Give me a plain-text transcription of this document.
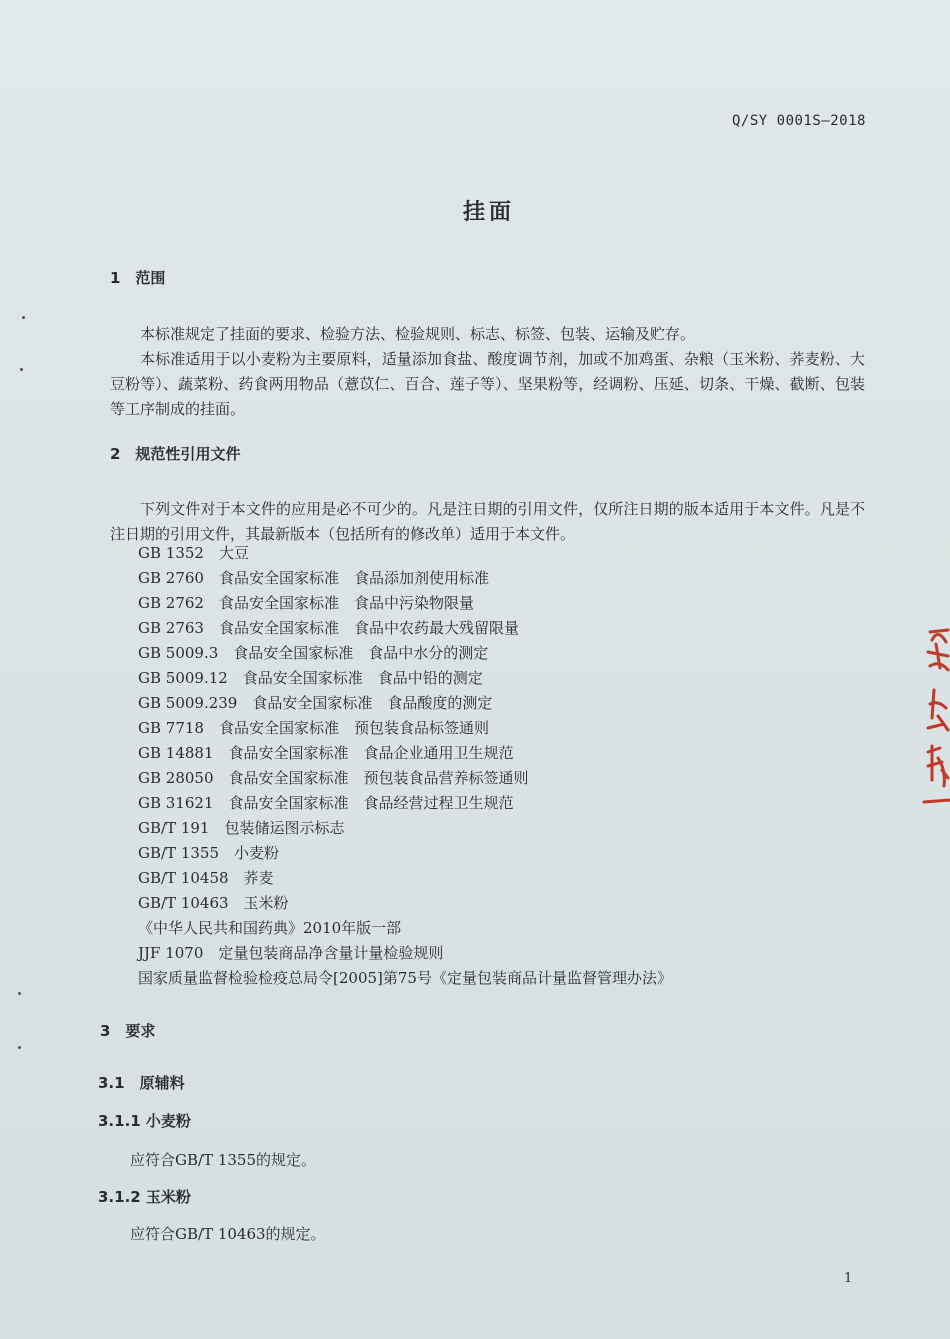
Q/SY 0001S—2018
挂面
1　范围
本标准规定了挂面的要求、检验方法、检验规则、标志、标签、包装、运输及贮存。
本标准适用于以小麦粉为主要原料，适量添加食盐、酸度调节剂，加或不加鸡蛋、杂粮（玉米粉、荞麦粉、大豆粉等）、蔬菜粉、药食两用物品（薏苡仁、百合、莲子等）、坚果粉等，经调粉、压延、切条、干燥、截断、包装等工序制成的挂面。
2　规范性引用文件
下列文件对于本文件的应用是必不可少的。凡是注日期的引用文件，仅所注日期的版本适用于本文件。凡是不注日期的引用文件，其最新版本（包括所有的修改单）适用于本文件。
GB 1352　大豆
GB 2760　食品安全国家标准　食品添加剂使用标准
GB 2762　食品安全国家标准　食品中污染物限量
GB 2763　食品安全国家标准　食品中农药最大残留限量
GB 5009.3　食品安全国家标准　食品中水分的测定
GB 5009.12　食品安全国家标准　食品中铅的测定
GB 5009.239　食品安全国家标准　食品酸度的测定
GB 7718　食品安全国家标准　预包装食品标签通则
GB 14881　食品安全国家标准　食品企业通用卫生规范
GB 28050　食品安全国家标准　预包装食品营养标签通则
GB 31621　食品安全国家标准　食品经营过程卫生规范
GB/T 191　包装储运图示标志
GB/T 1355　小麦粉
GB/T 10458　荞麦
GB/T 10463　玉米粉
《中华人民共和国药典》2010年版一部
JJF 1070　定量包装商品净含量计量检验规则
国家质量监督检验检疫总局令[2005]第75号《定量包装商品计量监督管理办法》
3　要求
3.1　原辅料
3.1.1 小麦粉
应符合GB/T 1355的规定。
3.1.2 玉米粉
应符合GB/T 10463的规定。
1
